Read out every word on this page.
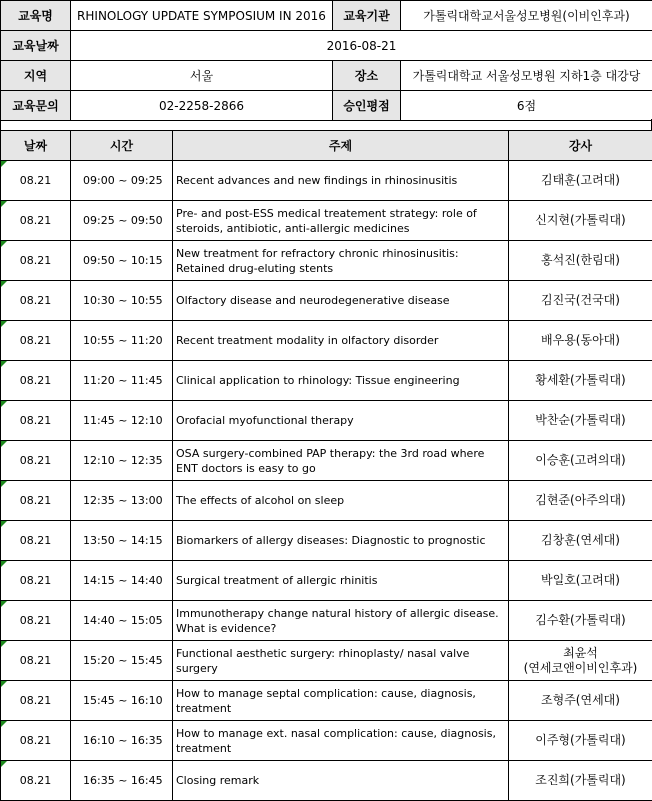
교육명	RHINOLOGY UPDATE SYMPOSIUM IN 2016	교육기관	가톨릭대학교서울성모병원(이비인후과)
교육날짜	2016-08-21		
지역	서울	장소	가톨릭대학교 서울성모병원 지하1층 대강당
교육문의	02-2258-2866	승인평점	6점
날짜	시간	주제	강사

08.21	09:00 ~ 09:25	Recent advances and new findings in rhinosinusitis	김태훈(고려대)

08.21	09:25 ~ 09:50	Pre- and post-ESS medical treatement strategy: role of steroids, antibiotic, anti-allergic medicines	신지현(가톨릭대)

08.21	09:50 ~ 10:15	New treatment for refractory chronic rhinosinusitis: Retained drug-eluting stents	홍석진(한림대)

08.21	10:30 ~ 10:55	Olfactory disease and neurodegenerative disease	김진국(건국대)

08.21	10:55 ~ 11:20	Recent treatment modality in olfactory disorder	배우용(동아대)

08.21	11:20 ~ 11:45	Clinical application to rhinology: Tissue engineering	황세환(가톨릭대)

08.21	11:45 ~ 12:10	Orofacial myofunctional therapy	박찬순(가톨릭대)

08.21	12:10 ~ 12:35	OSA surgery-combined PAP therapy: the 3rd road where ENT doctors is easy to go	이승훈(고려의대)

08.21	12:35 ~ 13:00	The effects of alcohol on sleep	김현준(아주의대)

08.21	13:50 ~ 14:15	Biomarkers of allergy diseases: Diagnostic to prognostic	김창훈(연세대)

08.21	14:15 ~ 14:40	Surgical treatment of allergic rhinitis	박일호(고려대)

08.21	14:40 ~ 15:05	Immunotherapy change natural history of allergic disease. What is evidence?	김수환(가톨릭대)

08.21	15:20 ~ 15:45	Functional aesthetic surgery: rhinoplasty/ nasal valve surgery	최윤석
(연세코앤이비인후과)

08.21	15:45 ~ 16:10	How to manage septal complication: cause, diagnosis, treatment	조형주(연세대)

08.21	16:10 ~ 16:35	How to manage ext. nasal complication: cause, diagnosis, treatment	이주형(가톨릭대)

08.21	16:35 ~ 16:45	Closing remark	조진희(가톨릭대)
